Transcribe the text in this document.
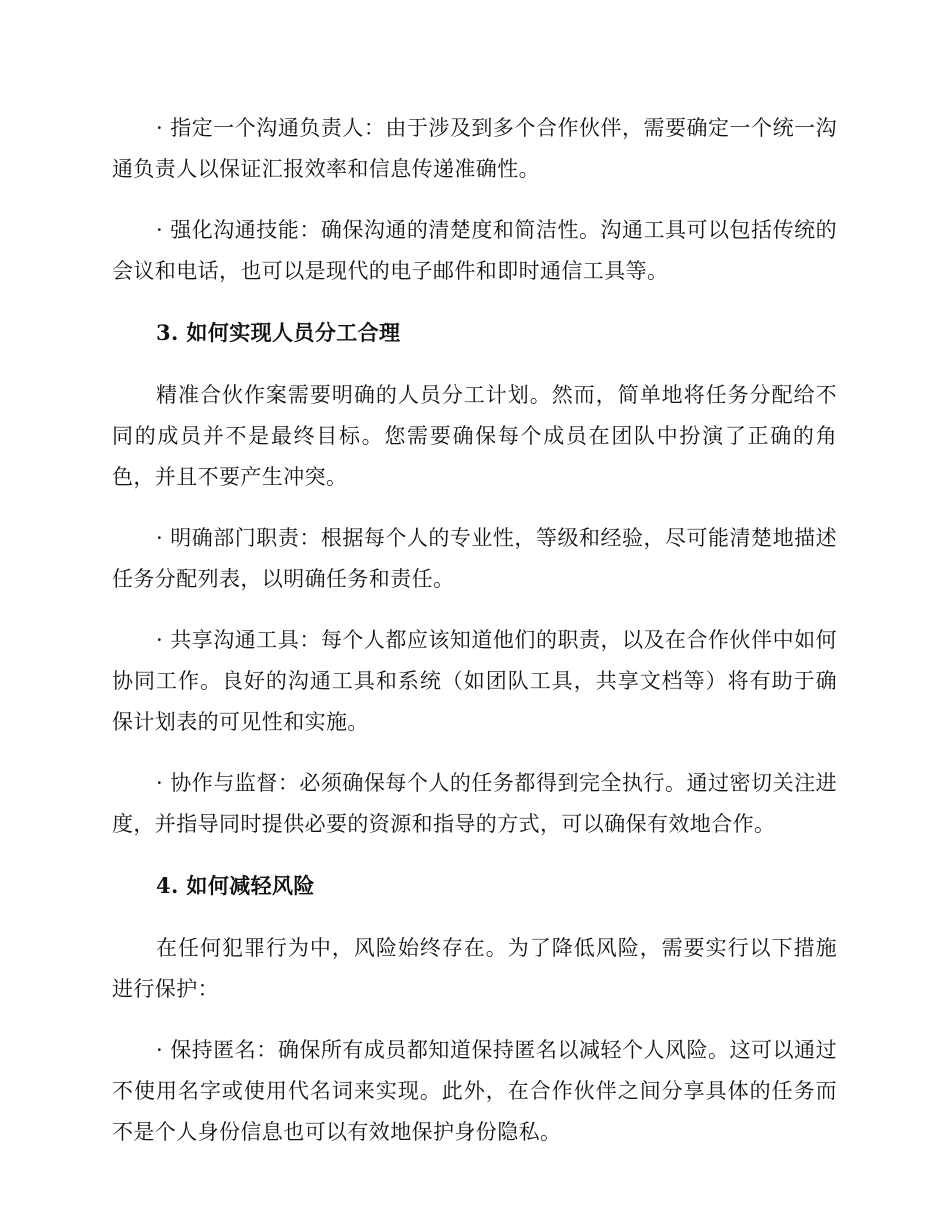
· 指定一个沟通负责人：由于涉及到多个合作伙伴，需要确定一个统一沟通负责人以保证汇报效率和信息传递准确性。

· 强化沟通技能：确保沟通的清楚度和简洁性。沟通工具可以包括传统的会议和电话，也可以是现代的电子邮件和即时通信工具等。

3. 如何实现人员分工合理

精准合伙作案需要明确的人员分工计划。然而，简单地将任务分配给不同的成员并不是最终目标。您需要确保每个成员在团队中扮演了正确的角色，并且不要产生冲突。

· 明确部门职责：根据每个人的专业性，等级和经验，尽可能清楚地描述任务分配列表，以明确任务和责任。

· 共享沟通工具：每个人都应该知道他们的职责，以及在合作伙伴中如何协同工作。良好的沟通工具和系统（如团队工具，共享文档等）将有助于确保计划表的可见性和实施。

· 协作与监督：必须确保每个人的任务都得到完全执行。通过密切关注进度，并指导同时提供必要的资源和指导的方式，可以确保有效地合作。

4. 如何减轻风险

在任何犯罪行为中，风险始终存在。为了降低风险，需要实行以下措施进行保护：

· 保持匿名：确保所有成员都知道保持匿名以减轻个人风险。这可以通过不使用名字或使用代名词来实现。此外，在合作伙伴之间分享具体的任务而不是个人身份信息也可以有效地保护身份隐私。
